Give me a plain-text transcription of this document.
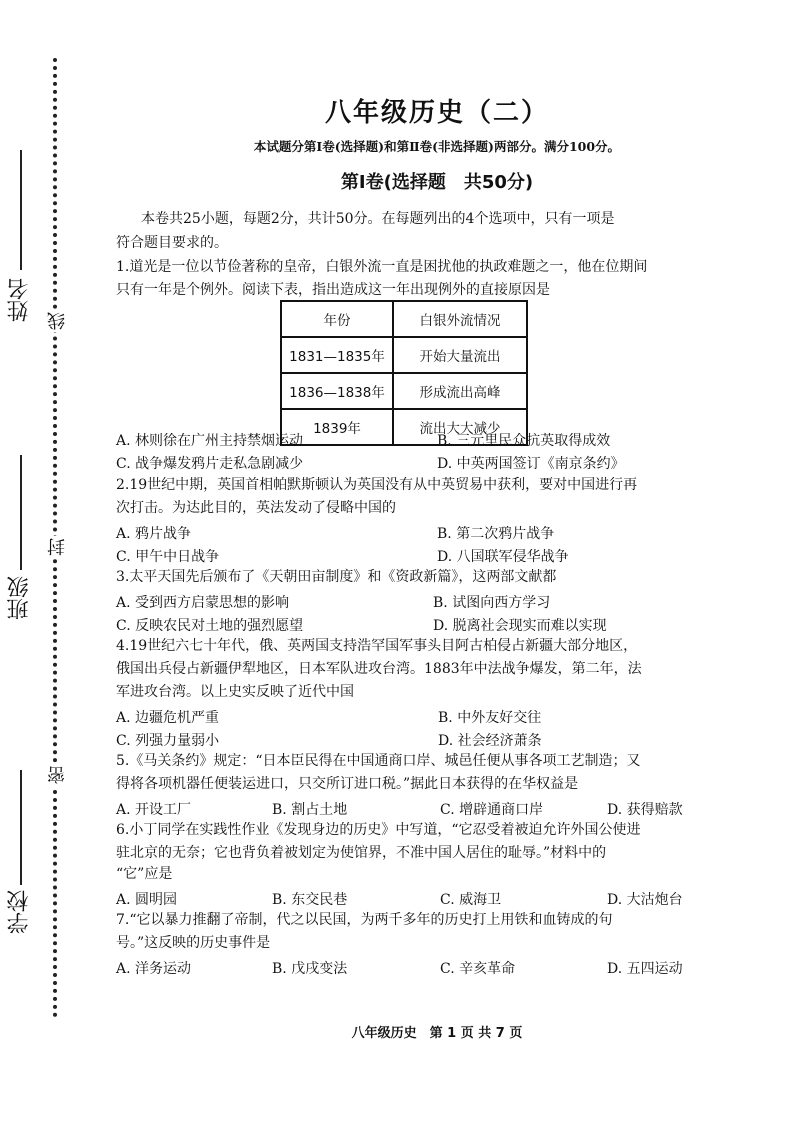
姓名
班级
学校
线
封
密
八年级历史（二）
本试题分第Ⅰ卷(选择题)和第Ⅱ卷(非选择题)两部分。满分100分。
第Ⅰ卷(选择题　共50分)
本卷共25小题，每题2分，共计50分。在每题列出的4个选项中，只有一项是
符合题目要求的。
1.道光是一位以节俭著称的皇帝，白银外流一直是困扰他的执政难题之一，他在位期间
只有一年是个例外。阅读下表，指出造成这一年出现例外的直接原因是
年份	白银外流情况
1831—1835年	开始大量流出
1836—1838年	形成流出高峰
1839年	流出大大减少
A. 林则徐在广州主持禁烟运动	B. 三元里民众抗英取得成效
C. 战争爆发鸦片走私急剧减少	D. 中英两国签订《南京条约》
2.19世纪中期，英国首相帕默斯顿认为英国没有从中英贸易中获利，要对中国进行再
次打击。为达此目的，英法发动了侵略中国的
A. 鸦片战争	B. 第二次鸦片战争
C. 甲午中日战争	D. 八国联军侵华战争
3.太平天国先后颁布了《天朝田亩制度》和《资政新篇》，这两部文献都
A. 受到西方启蒙思想的影响	B. 试图向西方学习
C. 反映农民对土地的强烈愿望	D. 脱离社会现实而难以实现
4.19世纪六七十年代，俄、英两国支持浩罕国军事头目阿古柏侵占新疆大部分地区，
俄国出兵侵占新疆伊犁地区，日本军队进攻台湾。1883年中法战争爆发，第二年，法
军进攻台湾。以上史实反映了近代中国
A. 边疆危机严重	B. 中外友好交往
C. 列强力量弱小	D. 社会经济萧条
5.《马关条约》规定：“日本臣民得在中国通商口岸、城邑任便从事各项工艺制造；又
得将各项机器任便装运进口，只交所订进口税。”据此日本获得的在华权益是
A. 开设工厂	B. 割占土地	C. 增辟通商口岸	D. 获得赔款
6.小丁同学在实践性作业《发现身边的历史》中写道，“它忍受着被迫允许外国公使进
驻北京的无奈；它也背负着被划定为使馆界，不准中国人居住的耻辱。”材料中的
“它”应是
A. 圆明园	B. 东交民巷	C. 威海卫	D. 大沽炮台
7.“它以暴力推翻了帝制，代之以民国，为两千多年的历史打上用铁和血铸成的句
号。”这反映的历史事件是
A. 洋务运动	B. 戊戌变法	C. 辛亥革命	D. 五四运动
八年级历史　第 1 页 共 7 页
